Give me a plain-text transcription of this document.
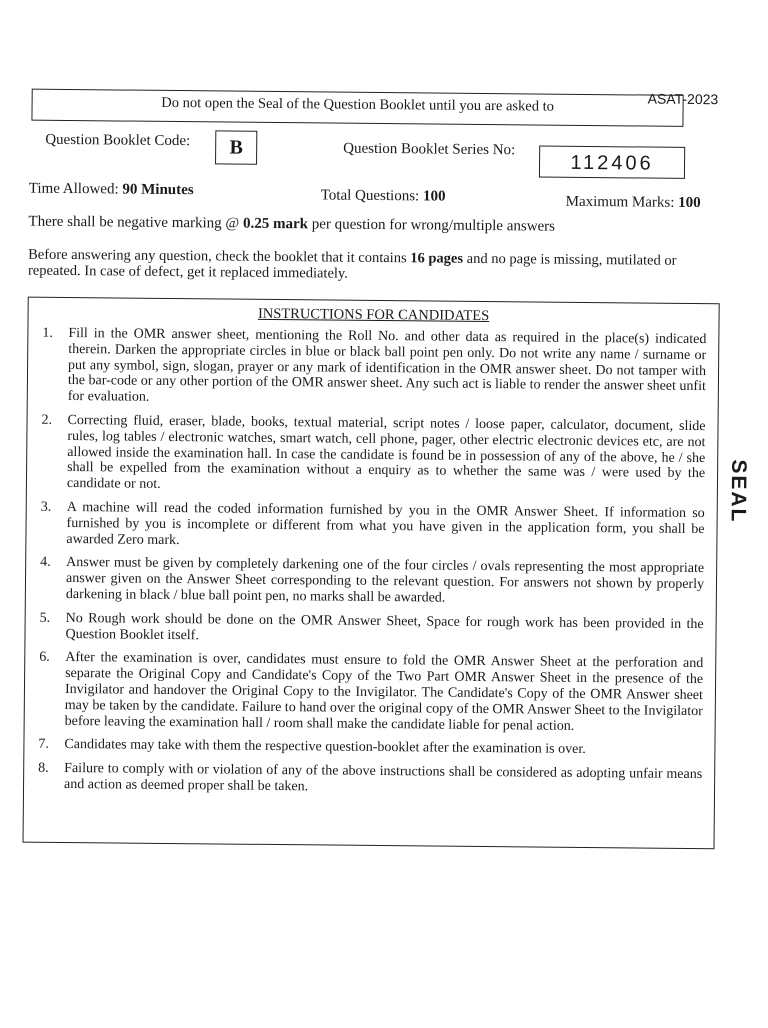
ASAT-2023
Do not open the Seal of the Question Booklet until you are asked to
Question Booklet Code:	B	Question Booklet Series No:
112406
Time Allowed: 90 Minutes	Total Questions: 100	Maximum Marks: 100
There shall be negative marking @ 0.25 mark per question for wrong/multiple answers
Before answering any question, check the booklet that it contains 16 pages and no page is missing, mutilated or repeated. In case of defect, get it replaced immediately.
INSTRUCTIONS FOR CANDIDATES
1.	Fill in the OMR answer sheet, mentioning the Roll No. and other data as required in the place(s) indicated therein. Darken the appropriate circles in blue or black ball point pen only. Do not write any name / surname or put any symbol, sign, slogan, prayer or any mark of identification in the OMR answer sheet. Do not tamper with the bar-code or any other portion of the OMR answer sheet. Any such act is liable to render the answer sheet unfit for evaluation.
2.	Correcting fluid, eraser, blade, books, textual material, script notes / loose paper, calculator, document, slide rules, log tables / electronic watches, smart watch, cell phone, pager, other electric electronic devices etc, are not allowed inside the examination hall. In case the candidate is found be in possession of any of the above, he / she shall be expelled from the examination without a enquiry as to whether the same was / were used by the candidate or not.
3.	A machine will read the coded information furnished by you in the OMR Answer Sheet. If information so furnished by you is incomplete or different from what you have given in the application form, you shall be awarded Zero mark.
4.	Answer must be given by completely darkening one of the four circles / ovals representing the most appropriate answer given on the Answer Sheet corresponding to the relevant question. For answers not shown by properly darkening in black / blue ball point pen, no marks shall be awarded.
5.	No Rough work should be done on the OMR Answer Sheet, Space for rough work has been provided in the Question Booklet itself.
6.	After the examination is over, candidates must ensure to fold the OMR Answer Sheet at the perforation and separate the Original Copy and Candidate's Copy of the Two Part OMR Answer Sheet in the presence of the Invigilator and handover the Original Copy to the Invigilator. The Candidate's Copy of the OMR Answer sheet may be taken by the candidate. Failure to hand over the original copy of the OMR Answer Sheet to the Invigilator before leaving the examination hall / room shall make the candidate liable for penal action.
7.	Candidates may take with them the respective question-booklet after the examination is over.
8.	Failure to comply with or violation of any of the above instructions shall be considered as adopting unfair means and action as deemed proper shall be taken.
SEAL
